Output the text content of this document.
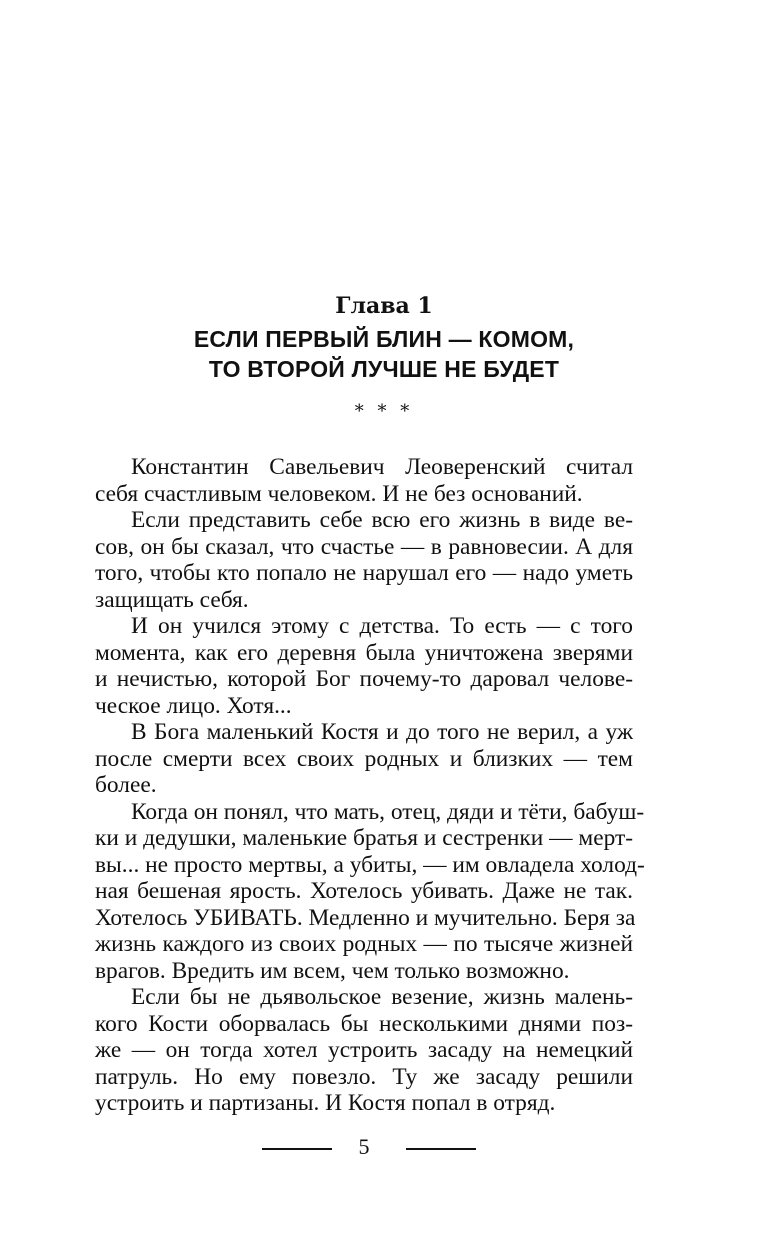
Глава 1
ЕСЛИ ПЕРВЫЙ БЛИН — КОМОМ,
ТО ВТОРОЙ ЛУЧШЕ НЕ БУДЕТ
* * *
Константин Савельевич Леоверенский считал
себя счастливым человеком. И не без оснований.
Если представить себе всю его жизнь в виде ве-
сов, он бы сказал, что счастье — в равновесии. А для
того, чтобы кто попало не нарушал его — надо уметь
защищать себя.
И он учился этому с детства. То есть — с того
момента, как его деревня была уничтожена зверями
и нечистью, которой Бог почему-то даровал челове-
ческое лицо. Хотя...
В Бога маленький Костя и до того не верил, а уж
после смерти всех своих родных и близких — тем
более.
Когда он понял, что мать, отец, дяди и тёти, бабуш-
ки и дедушки, маленькие братья и сестренки — мерт-
вы... не просто мертвы, а убиты, — им овладела холод-
ная бешеная ярость. Хотелось убивать. Даже не так.
Хотелось УБИВАТЬ. Медленно и мучительно. Беря за
жизнь каждого из своих родных — по тысяче жизней
врагов. Вредить им всем, чем только возможно.
Если бы не дьявольское везение, жизнь малень-
кого Кости оборвалась бы несколькими днями поз-
же — он тогда хотел устроить засаду на немецкий
патруль. Но ему повезло. Ту же засаду решили
устроить и партизаны. И Костя попал в отряд.
5
